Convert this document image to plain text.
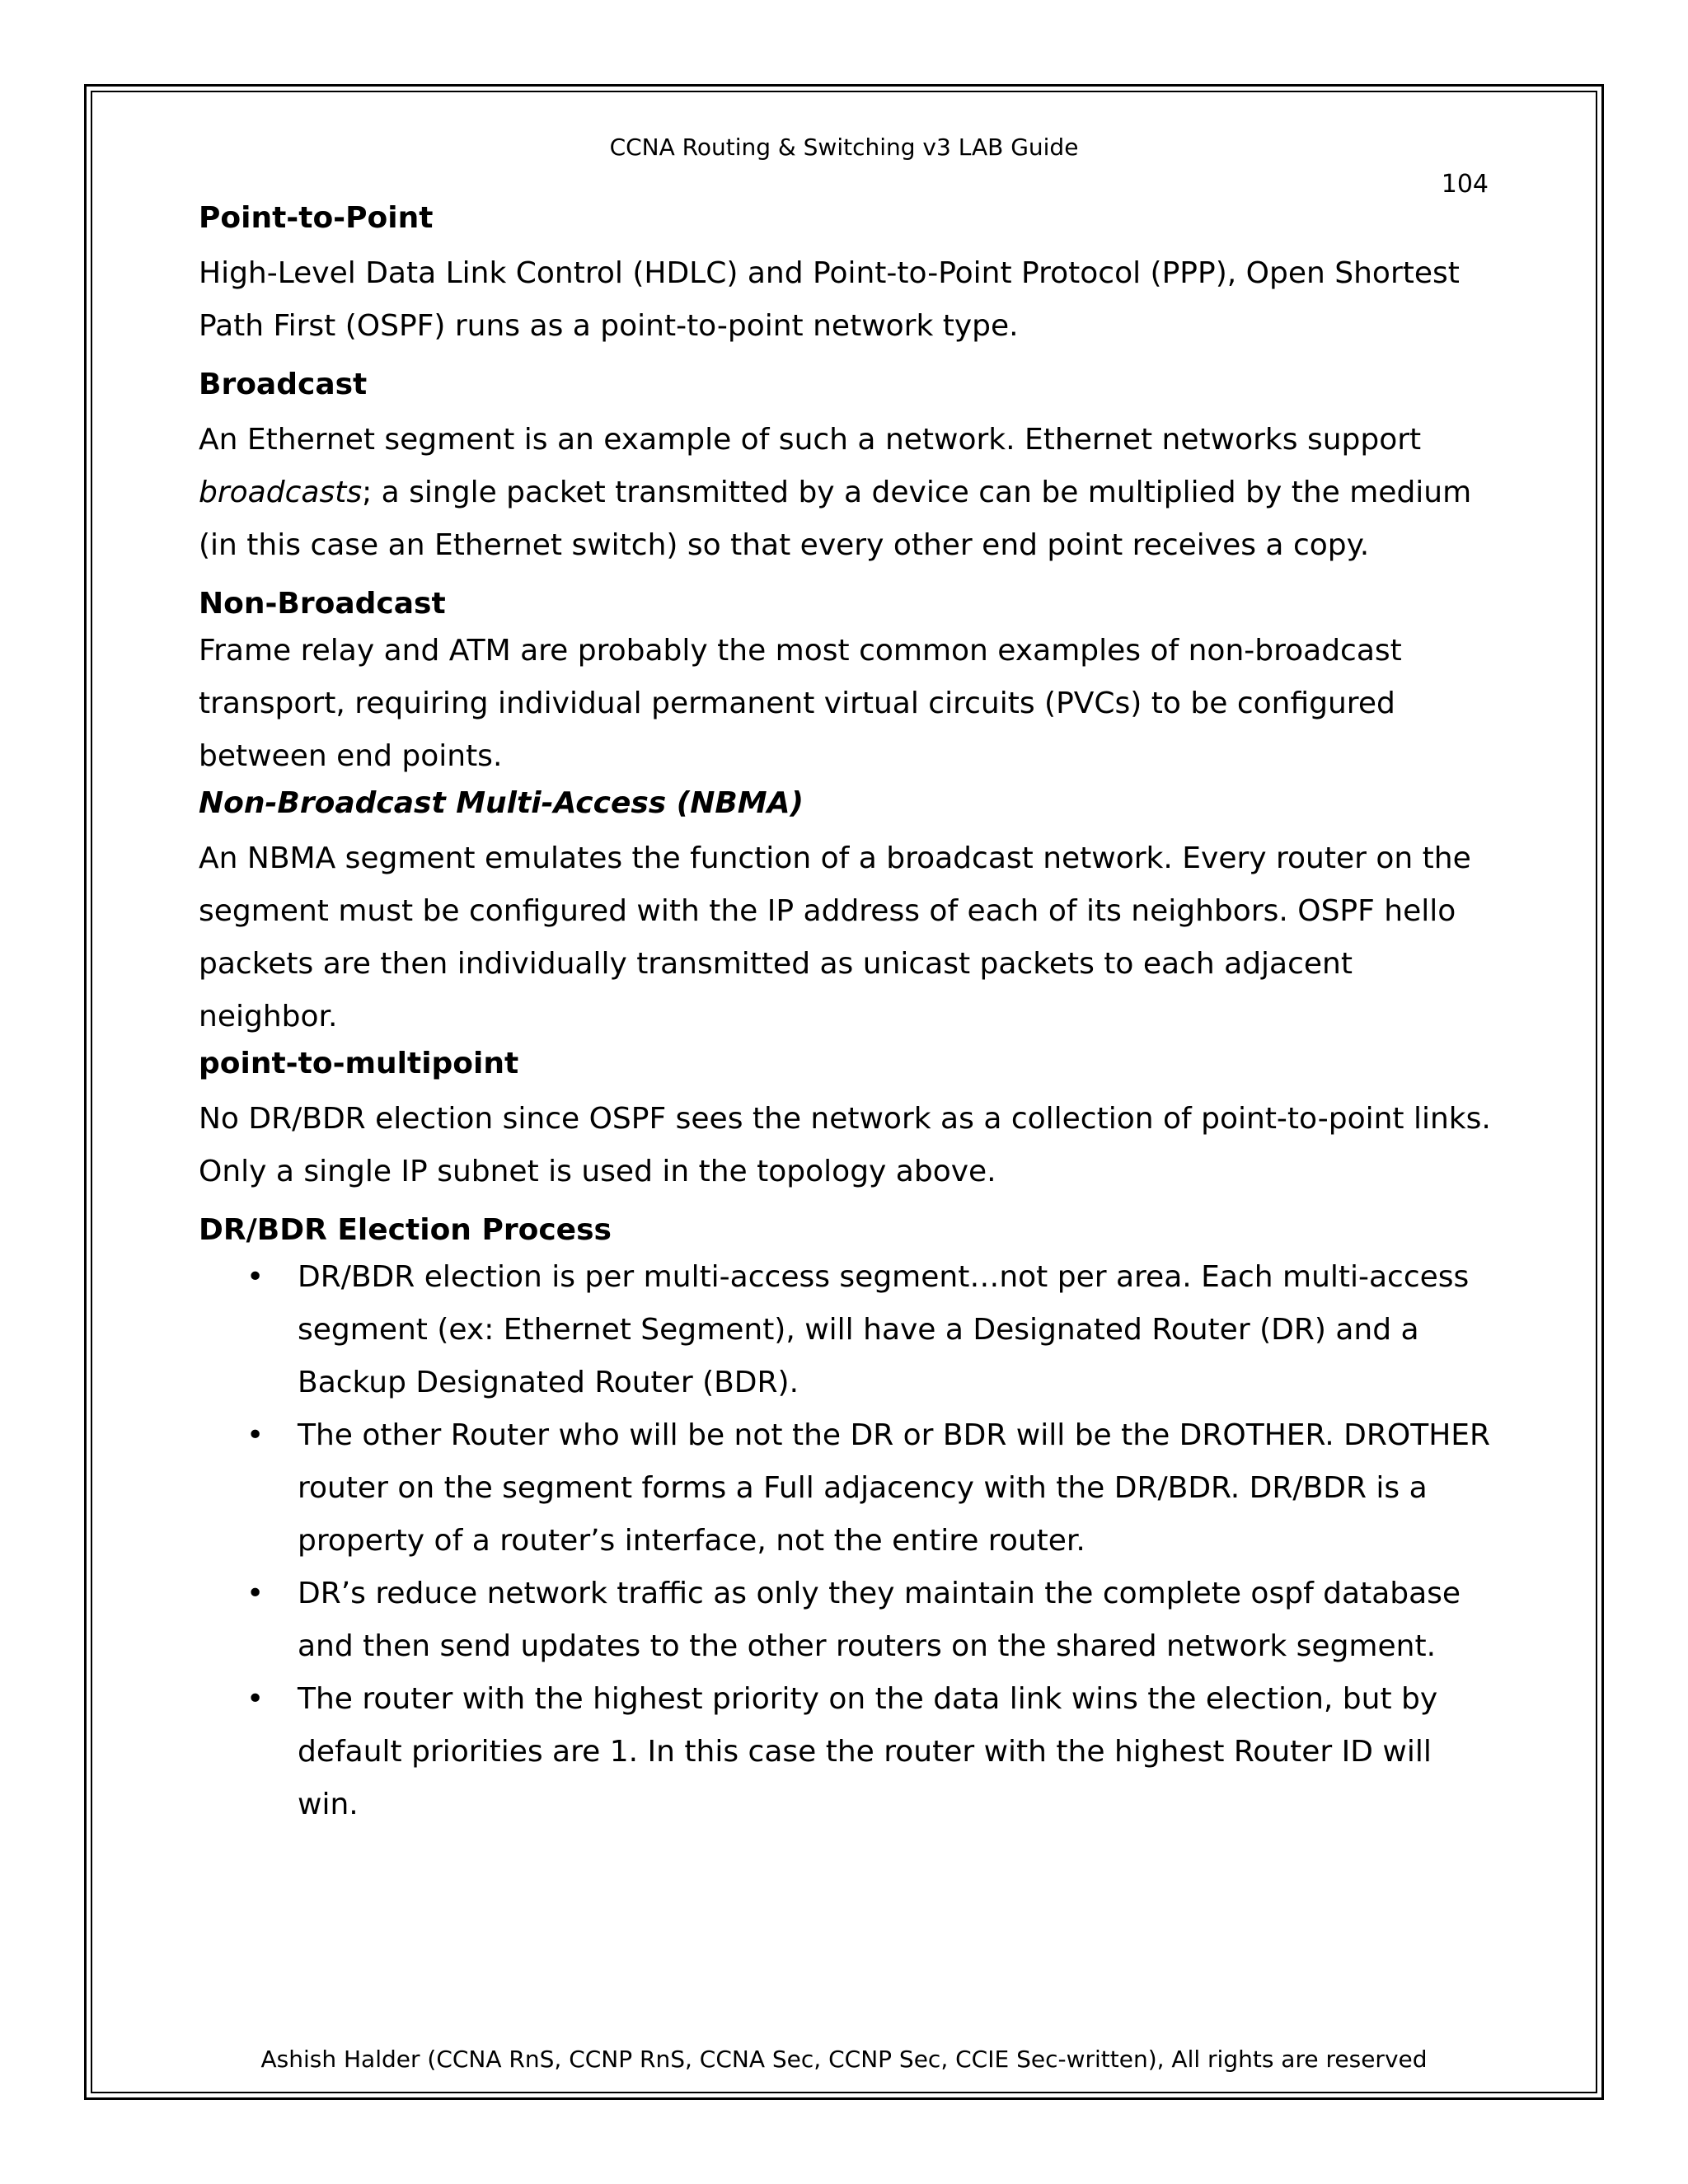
CCNA Routing & Switching v3 LAB Guide
104
Point-to-Point

High-Level Data Link Control (HDLC) and Point-to-Point Protocol (PPP), Open Shortest Path First (OSPF) runs as a point-to-point network type.

Broadcast

An Ethernet segment is an example of such a network. Ethernet networks support broadcasts; a single packet transmitted by a device can be multiplied by the medium (in this case an Ethernet switch) so that every other end point receives a copy.

Non-Broadcast

Frame relay and ATM are probably the most common examples of non-broadcast transport, requiring individual permanent virtual circuits (PVCs) to be configured between end points.

Non-Broadcast Multi-Access (NBMA)

An NBMA segment emulates the function of a broadcast network. Every router on the segment must be configured with the IP address of each of its neighbors. OSPF hello packets are then individually transmitted as unicast packets to each adjacent neighbor.

point-to-multipoint

No DR/BDR election since OSPF sees the network as a collection of point-to-point links.

Only a single IP subnet is used in the topology above.

DR/BDR Election Process
• DR/BDR election is per multi-access segment…not per area. Each multi-access segment (ex: Ethernet Segment), will have a Designated Router (DR) and a Backup Designated Router (BDR).
• The other Router who will be not the DR or BDR will be the DROTHER. DROTHER router on the segment forms a Full adjacency with the DR/BDR. DR/BDR is a property of a router’s interface, not the entire router.
• DR’s reduce network traffic as only they maintain the complete ospf database and then send updates to the other routers on the shared network segment.
• The router with the highest priority on the data link wins the election, but by default priorities are 1. In this case the router with the highest Router ID will win.
Ashish Halder (CCNA RnS, CCNP RnS, CCNA Sec, CCNP Sec, CCIE Sec-written), All rights are reserved
